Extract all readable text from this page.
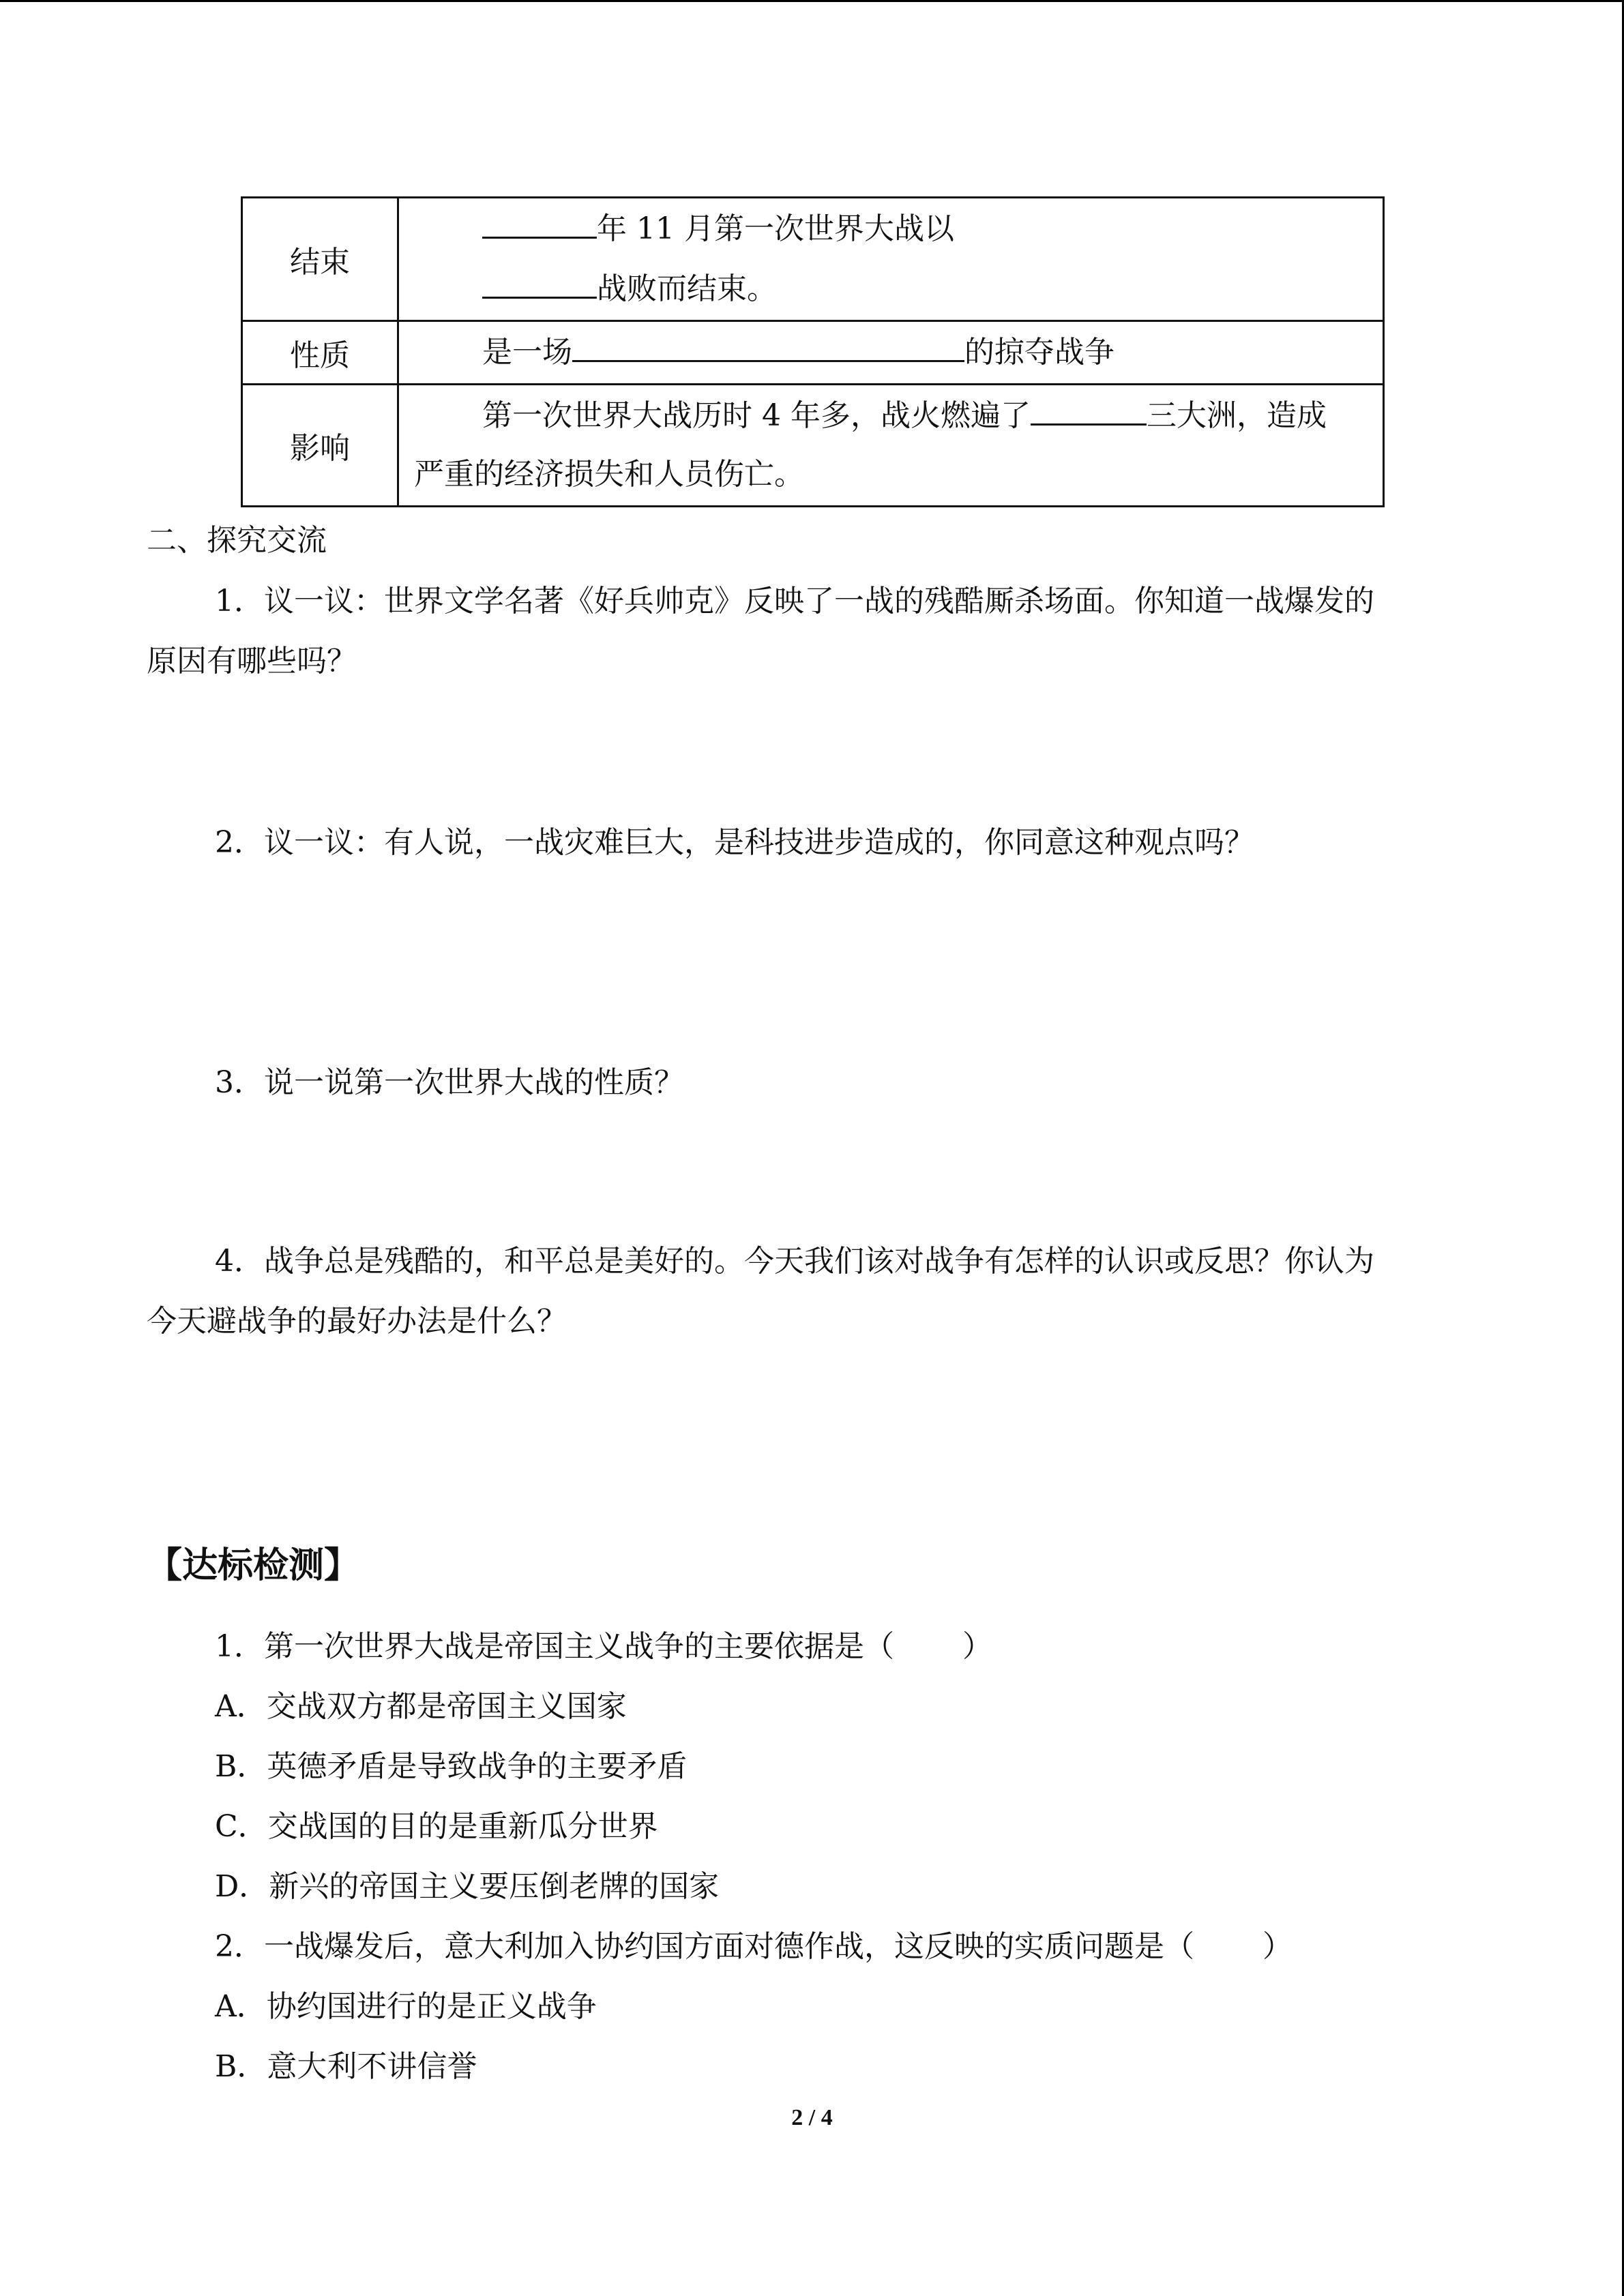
结束	年 11 月第一次世界大战以
战败而结束。

性质	是一场 的掠夺战争

影响	第一次世界大战历时 4 年多，战火燃遍了 三大洲，造成严重的经济损失和人员伤亡。
二、探究交流
1．议一议：世界文学名著《好兵帅克》反映了一战的残酷厮杀场面。你知道一战爆发的
原因有哪些吗？
2．议一议：有人说，一战灾难巨大，是科技进步造成的，你同意这种观点吗？
3．说一说第一次世界大战的性质？
4．战争总是残酷的，和平总是美好的。今天我们该对战争有怎样的认识或反思？你认为
今天避战争的最好办法是什么？
【达标检测】
1．第一次世界大战是帝国主义战争的主要依据是（ ）
A．交战双方都是帝国主义国家
B．英德矛盾是导致战争的主要矛盾
C．交战国的目的是重新瓜分世界
D．新兴的帝国主义要压倒老牌的国家
2．一战爆发后，意大利加入协约国方面对德作战，这反映的实质问题是（ ）
A．协约国进行的是正义战争
B．意大利不讲信誉
2 / 4
